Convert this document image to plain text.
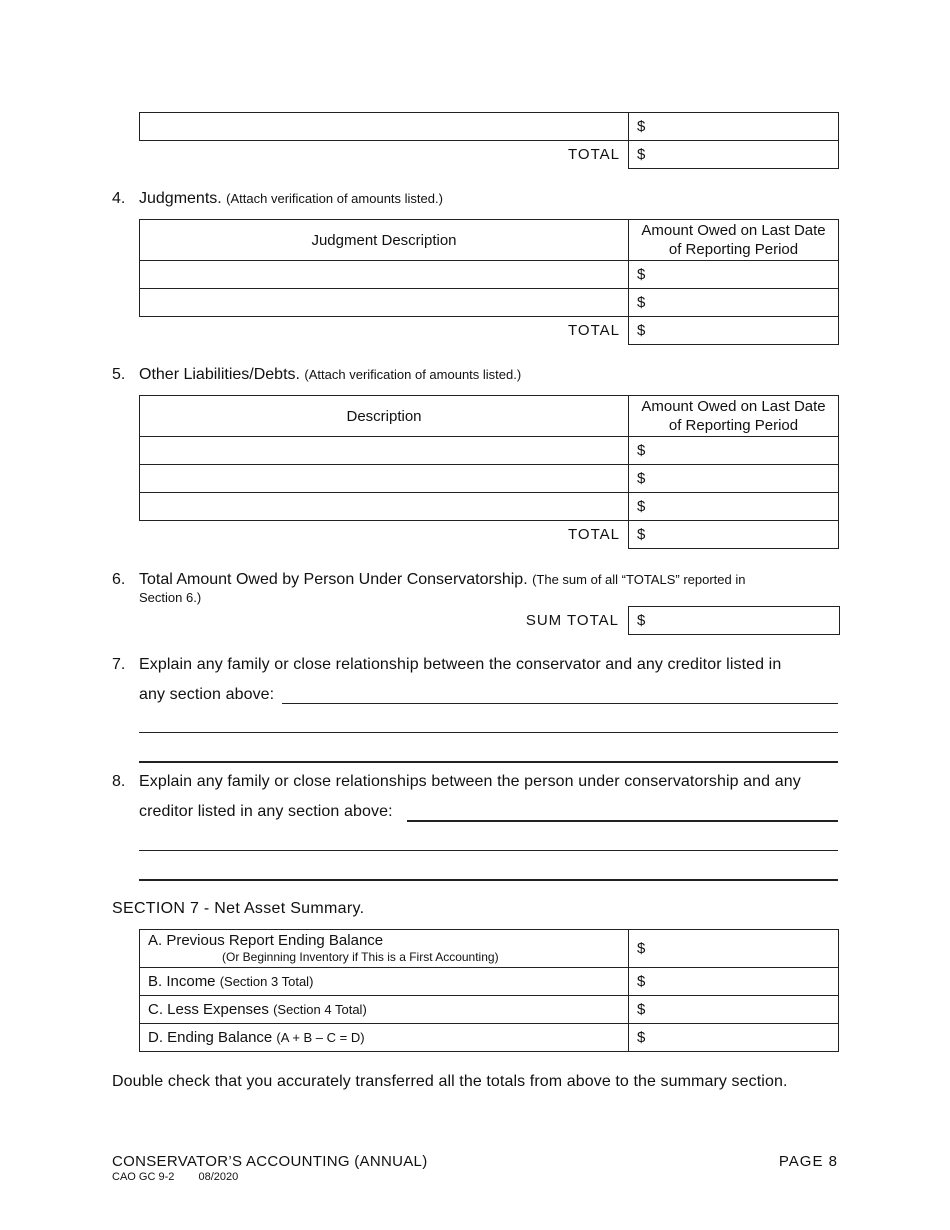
	$
TOTAL	$
4. Judgments. (Attach verification of amounts listed.)
Judgment Description	Amount Owed on Last Date of Reporting Period
	$
	$
TOTAL	$
5. Other Liabilities/Debts. (Attach verification of amounts listed.)
Description	Amount Owed on Last Date of Reporting Period
	$
	$
	$
TOTAL	$
6. Total Amount Owed by Person Under Conservatorship. (The sum of all “TOTALS” reported in
Section 6.)
SUM TOTAL $
7. Explain any family or close relationship between the conservator and any creditor listed in
any section above:
8. Explain any family or close relationships between the person under conservatorship and any
creditor listed in any section above:
SECTION 7 - Net Asset Summary.
A. Previous Report Ending Balance
(Or Beginning Inventory if This is a First Accounting)	$
B. Income (Section 3 Total)	$
C. Less Expenses (Section 4 Total)	$
D. Ending Balance (A + B – C = D)	$
Double check that you accurately transferred all the totals from above to the summary section.
CONSERVATOR’S ACCOUNTING (ANNUAL)
CAO GC 9-2 08/2020
PAGE 8
